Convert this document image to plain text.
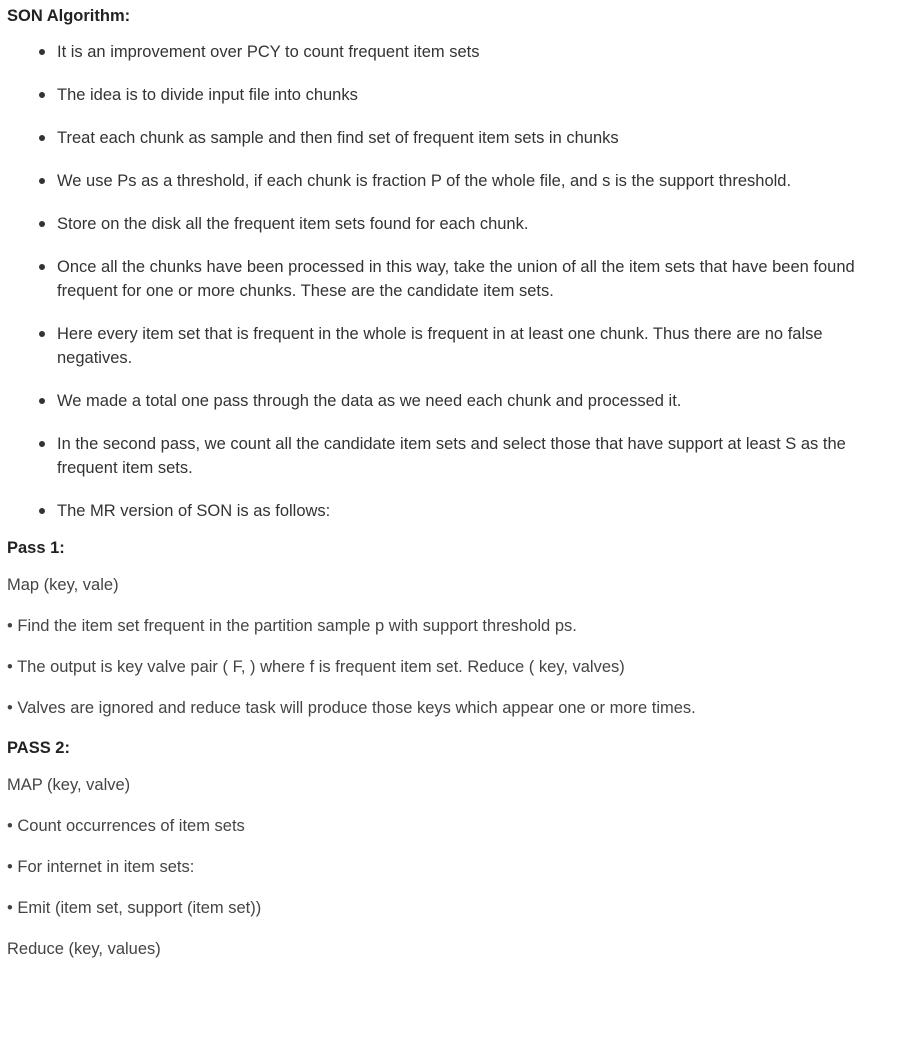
SON Algorithm:

It is an improvement over PCY to count frequent item sets
The idea is to divide input file into chunks
Treat each chunk as sample and then find set of frequent item sets in chunks
We use Ps as a threshold, if each chunk is fraction P of the whole file, and s is the support threshold.
Store on the disk all the frequent item sets found for each chunk.
Once all the chunks have been processed in this way, take the union of all the item sets that have been found frequent for one or more chunks. These are the candidate item sets.
Here every item set that is frequent in the whole is frequent in at least one chunk. Thus there are no false negatives.
We made a total one pass through the data as we need each chunk and processed it.
In the second pass, we count all the candidate item sets and select those that have support at least S as the frequent item sets.
The MR version of SON is as follows:

Pass 1:

Map (key, vale)

• Find the item set frequent in the partition sample p with support threshold ps.

• The output is key valve pair ( F, ) where f is frequent item set. Reduce ( key, valves)

• Valves are ignored and reduce task will produce those keys which appear one or more times.

PASS 2:

MAP (key, valve)

• Count occurrences of item sets

• For internet in item sets:

• Emit (item set, support (item set))

Reduce (key, values)
